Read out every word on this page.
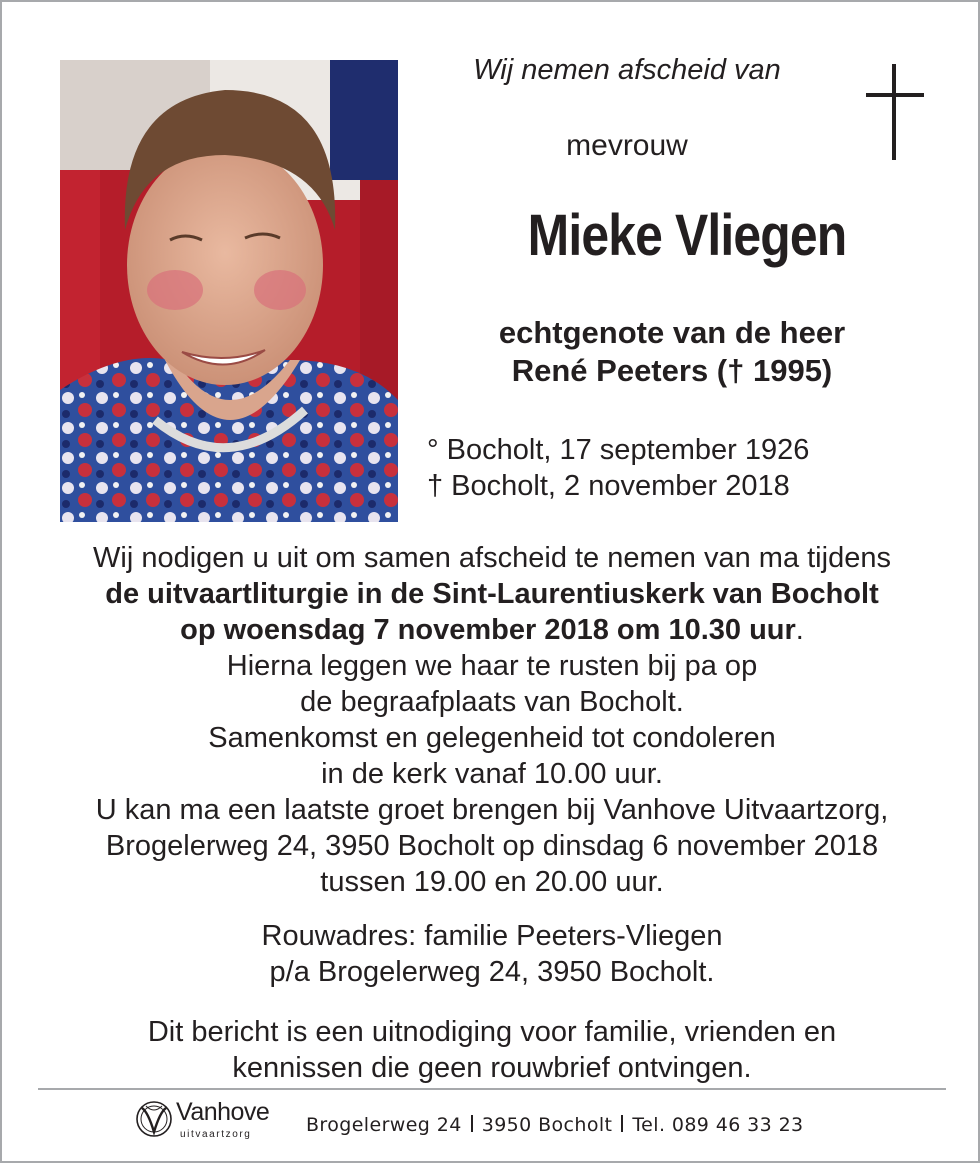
Wij nemen afscheid van
mevrouw
Mieke Vliegen
echtgenote van de heer
René Peeters († 1995)
° Bocholt, 17 september 1926
† Bocholt, 2 november 2018
Wij nodigen u uit om samen afscheid te nemen van ma tijdens
de uitvaartliturgie in de Sint-Laurentiuskerk van Bocholt
op woensdag 7 november 2018 om 10.30 uur.
Hierna leggen we haar te rusten bij pa op
de begraafplaats van Bocholt.
Samenkomst en gelegenheid tot condoleren
in de kerk vanaf 10.00 uur.
U kan ma een laatste groet brengen bij Vanhove Uitvaartzorg,
Brogelerweg 24, 3950 Bocholt op dinsdag 6 november 2018
tussen 19.00 en 20.00 uur.
Rouwadres: familie Peeters-Vliegen
p/a Brogelerweg 24, 3950 Bocholt.
Dit bericht is een uitnodiging voor familie, vrienden en
kennissen die geen rouwbrief ontvingen.
Vanhove
uitvaartzorg	Brogelerweg 24 3950 Bocholt Tel. 089 46 33 23
